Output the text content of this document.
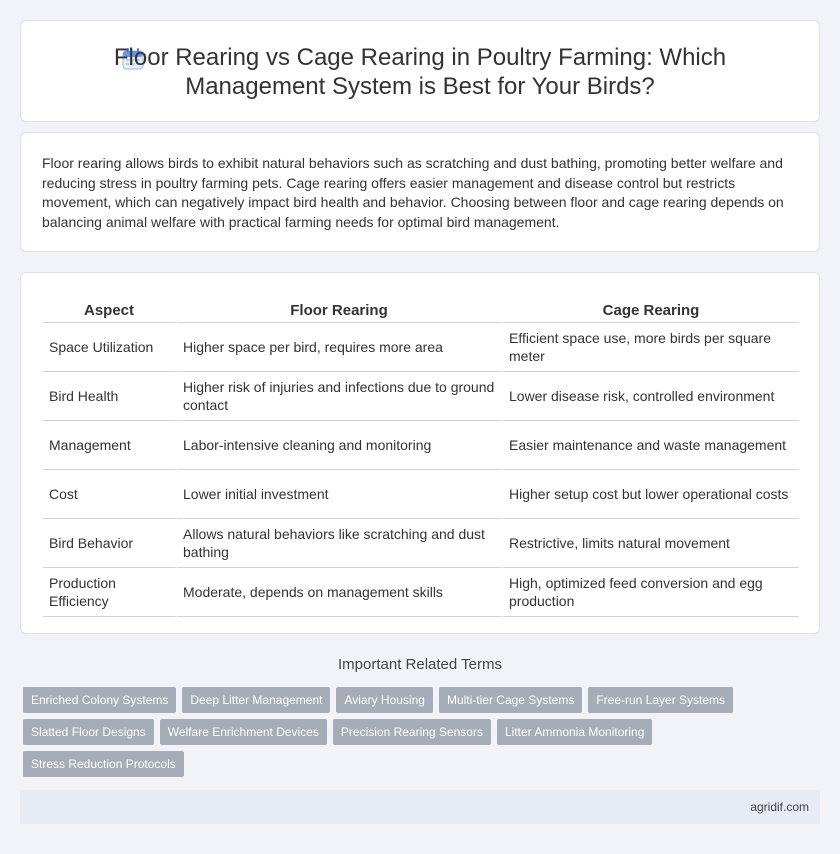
Floor Rearing vs Cage Rearing in Poultry Farming: Which Management System is Best for Your Birds?

Floor rearing allows birds to exhibit natural behaviors such as scratching and dust bathing, promoting better welfare and reducing stress in poultry farming pets. Cage rearing offers easier management and disease control but restricts movement, which can negatively impact bird health and behavior. Choosing between floor and cage rearing depends on balancing animal welfare with practical farming needs for optimal bird management.

Aspect	Floor Rearing	Cage Rearing
Space Utilization	Higher space per bird, requires more area	Efficient space use, more birds per square meter
Bird Health	Higher risk of injuries and infections due to ground contact	Lower disease risk, controlled environment
Management	Labor-intensive cleaning and monitoring	Easier maintenance and waste management
Cost	Lower initial investment	Higher setup cost but lower operational costs
Bird Behavior	Allows natural behaviors like scratching and dust bathing	Restrictive, limits natural movement
Production Efficiency	Moderate, depends on management skills	High, optimized feed conversion and egg production
Important Related Terms
Enriched Colony Systems	Deep Litter Management	Aviary Housing	Multi-tier Cage Systems	Free-run Layer Systems
Slatted Floor Designs	Welfare Enrichment Devices	Precision Rearing Sensors	Litter Ammonia Monitoring
Stress Reduction Protocols
agridif.com
